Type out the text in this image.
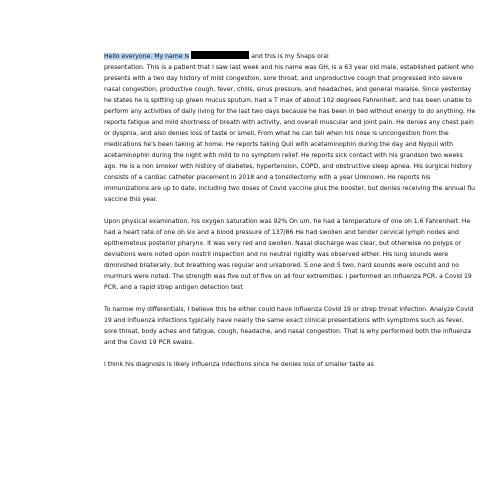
Hello everyone. My name is	and this is my Snaps oral
presentation. This is a patient that I saw last week and his name was GH, is a 63 year old male, established patient who presents with a two day history of mild congestion, sore throat, and unproductive cough that progressed into severe nasal congestion, productive cough, fever, chills, sinus pressure, and headaches, and general malaise. Since yesterday he states he is spitting up green mucus sputum, had a T max of about 102 degrees Fahrenheit, and has been unable to perform any activities of daily living for the last two days because he has been in bed without energy to do anything. He reports fatigue and mild shortness of breath with activity, and overall muscular and joint pain. He denies any chest pain or dyspnia, and also denies loss of taste or smell, From what he can tell when his nose is uncongestion from the medications he's been taking at home. He reports taking Quil with acetaminophin during the day and Nyquil with acetaminophin during the night with mild to no symptom relief. He reports sick contact with his grandson two weeks ago. He is a non smoker with history of diabetes, hypertension, COPD, and obstructive sleep apnea. His surgical history consists of a cardiac catheter placement in 2018 and a tonsillectomy with a year Unknown. He reports his immunizations are up to date, including two doses of Covid vaccine plus the booster, but denies receiving the annual flu vaccine this year.

Upon physical examination, his oxygen saturation was 92% On um, he had a temperature of one oh 1.6 Fahrenheit. He had a heart rate of one oh six and a blood pressure of 137/86 He had swollen and tender cervical lymph nodes and epithemetous posterior pharynx. It was very red and swollen. Nasal discharge was clear, but otherwise no polyps or deviations were noted upon nostril inspection and no neutral rigidity was observed either. His lung sounds were diminished bilaterally, but breathing was regular and unlabored. S one and S two, hard sounds were osculid and no murmurs were noted. The strength was five out of five on all four extremities. I performed an influenza PCR, a Covid 19 PCR, and a rapid strep antigen detection test

To narrow my differentials, I believe this he either could have influenza Covid 19 or strep throat infection. Analyze Covid 19 and influenza infections typically have nearly the same exact clinical presentations with symptoms such as fever, sore throat, body aches and fatigue, cough, headache, and nasal congestion. That is why performed both the influenza and the Covid 19 PCR swabs.

I think his diagnosis is likely influenza infections since he denies loss of smaller taste as
